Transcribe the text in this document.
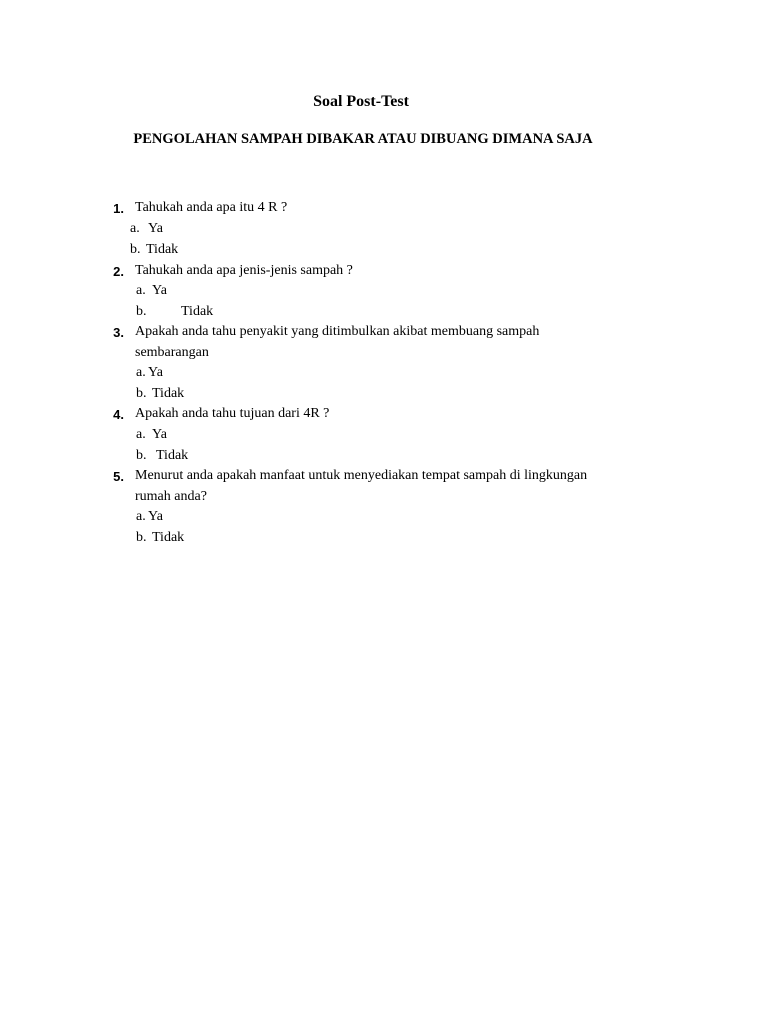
Soal Post-Test
PENGOLAHAN SAMPAH DIBAKAR ATAU DIBUANG DIMANA SAJA
1. Tahukah anda apa itu 4 R ?
a. Ya
b. Tidak
2. Tahukah anda apa jenis-jenis sampah ?
a. Ya
b. Tidak
3. Apakah anda tahu penyakit yang ditimbulkan akibat membuang sampah
sembarangan
a. Ya
b. Tidak
4. Apakah anda tahu tujuan dari 4R ?
a. Ya
b. Tidak
5. Menurut anda apakah manfaat untuk menyediakan tempat sampah di lingkungan
rumah anda?
a. Ya
b. Tidak
